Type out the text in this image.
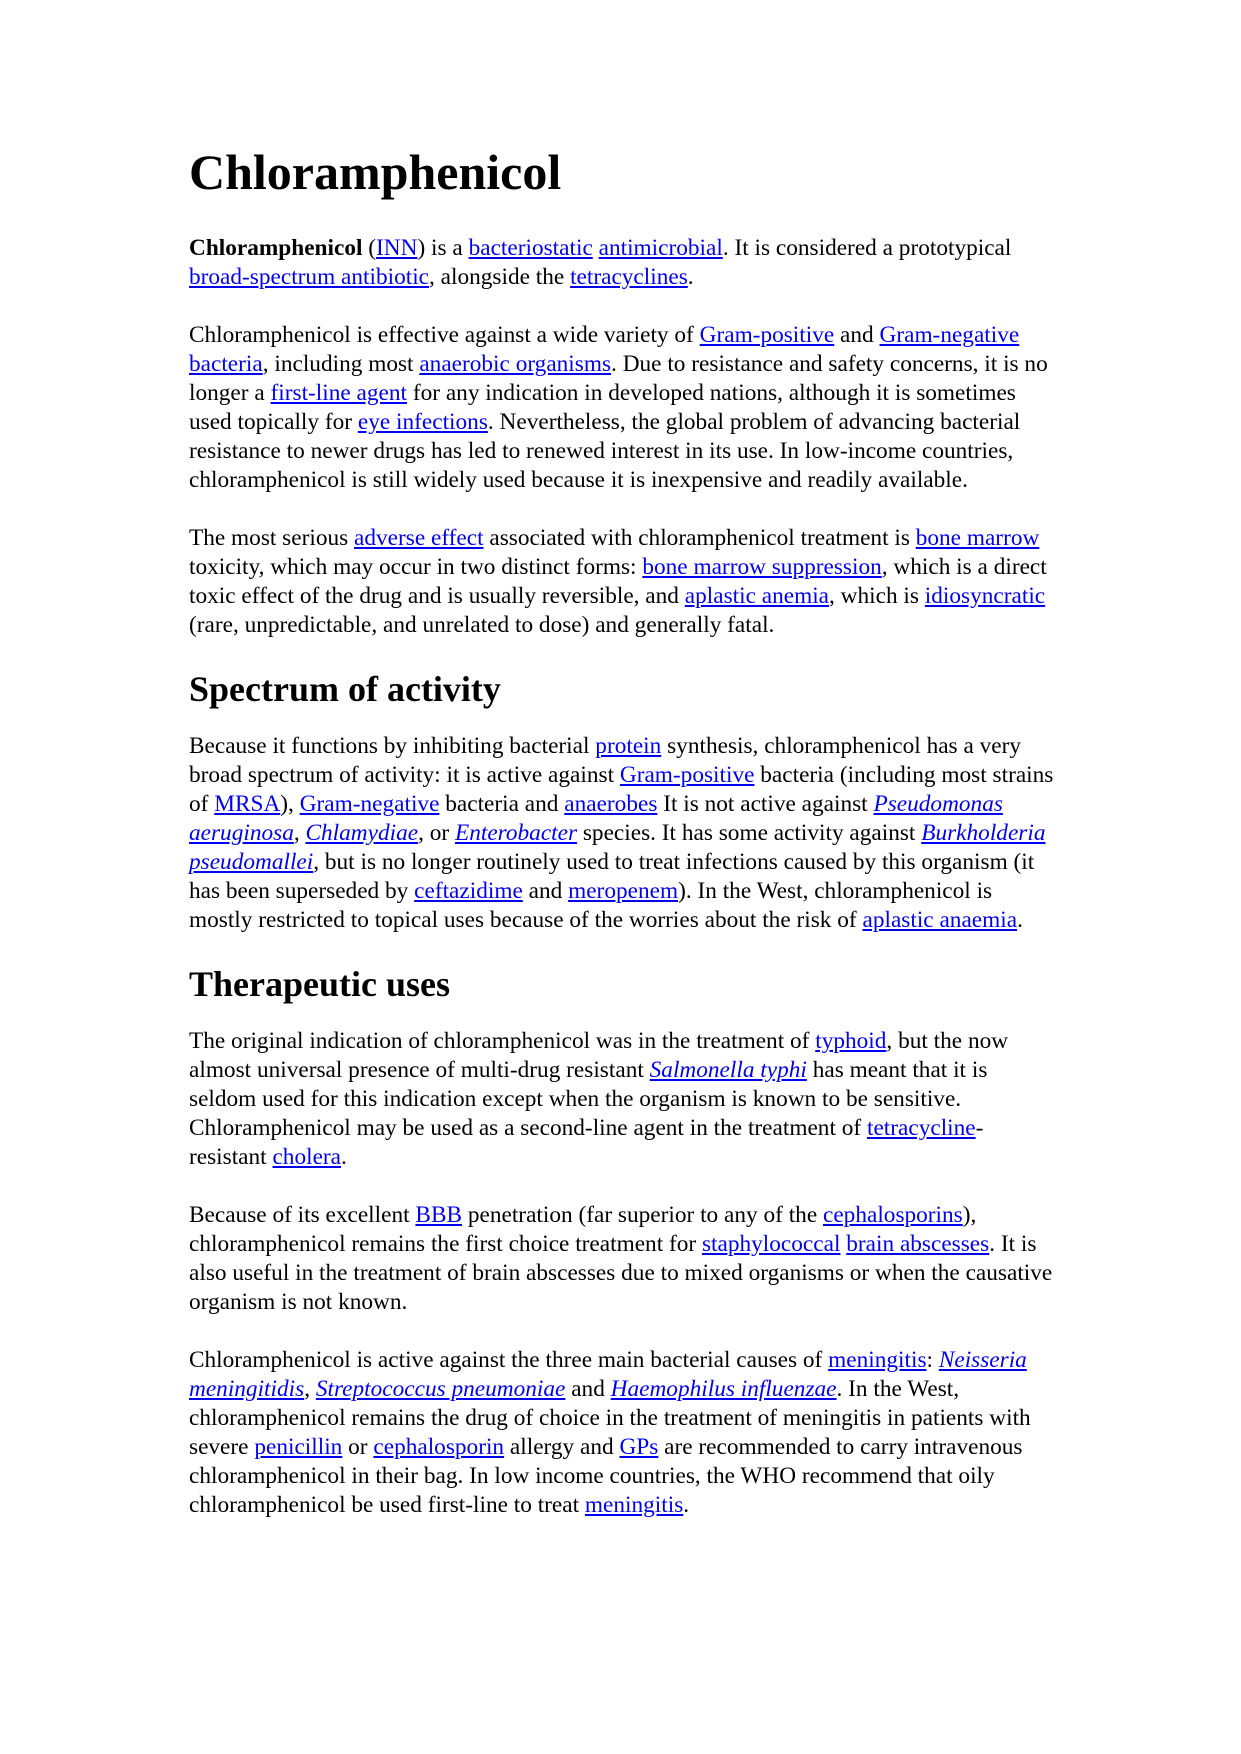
Chloramphenicol

Chloramphenicol (INN) is a bacteriostatic antimicrobial. It is considered a prototypical broad-spectrum antibiotic, alongside the tetracyclines.

Chloramphenicol is effective against a wide variety of Gram-positive and Gram-negative bacteria, including most anaerobic organisms. Due to resistance and safety concerns, it is no longer a first-line agent for any indication in developed nations, although it is sometimes used topically for eye infections. Nevertheless, the global problem of advancing bacterial resistance to newer drugs has led to renewed interest in its use. In low-income countries, chloramphenicol is still widely used because it is inexpensive and readily available.

The most serious adverse effect associated with chloramphenicol treatment is bone marrow toxicity, which may occur in two distinct forms: bone marrow suppression, which is a direct toxic effect of the drug and is usually reversible, and aplastic anemia, which is idiosyncratic (rare, unpredictable, and unrelated to dose) and generally fatal.

Spectrum of activity

Because it functions by inhibiting bacterial protein synthesis, chloramphenicol has a very broad spectrum of activity: it is active against Gram-positive bacteria (including most strains of MRSA), Gram-negative bacteria and anaerobes It is not active against Pseudomonas aeruginosa, Chlamydiae, or Enterobacter species. It has some activity against Burkholderia pseudomallei, but is no longer routinely used to treat infections caused by this organism (it has been superseded by ceftazidime and meropenem). In the West, chloramphenicol is mostly restricted to topical uses because of the worries about the risk of aplastic anaemia.

Therapeutic uses

The original indication of chloramphenicol was in the treatment of typhoid, but the now almost universal presence of multi-drug resistant Salmonella typhi has meant that it is seldom used for this indication except when the organism is known to be sensitive. Chloramphenicol may be used as a second-line agent in the treatment of tetracycline-resistant cholera.

Because of its excellent BBB penetration (far superior to any of the cephalosporins), chloramphenicol remains the first choice treatment for staphylococcal brain abscesses. It is also useful in the treatment of brain abscesses due to mixed organisms or when the causative organism is not known.

Chloramphenicol is active against the three main bacterial causes of meningitis: Neisseria meningitidis, Streptococcus pneumoniae and Haemophilus influenzae. In the West, chloramphenicol remains the drug of choice in the treatment of meningitis in patients with severe penicillin or cephalosporin allergy and GPs are recommended to carry intravenous chloramphenicol in their bag. In low income countries, the WHO recommend that oily chloramphenicol be used first-line to treat meningitis.
